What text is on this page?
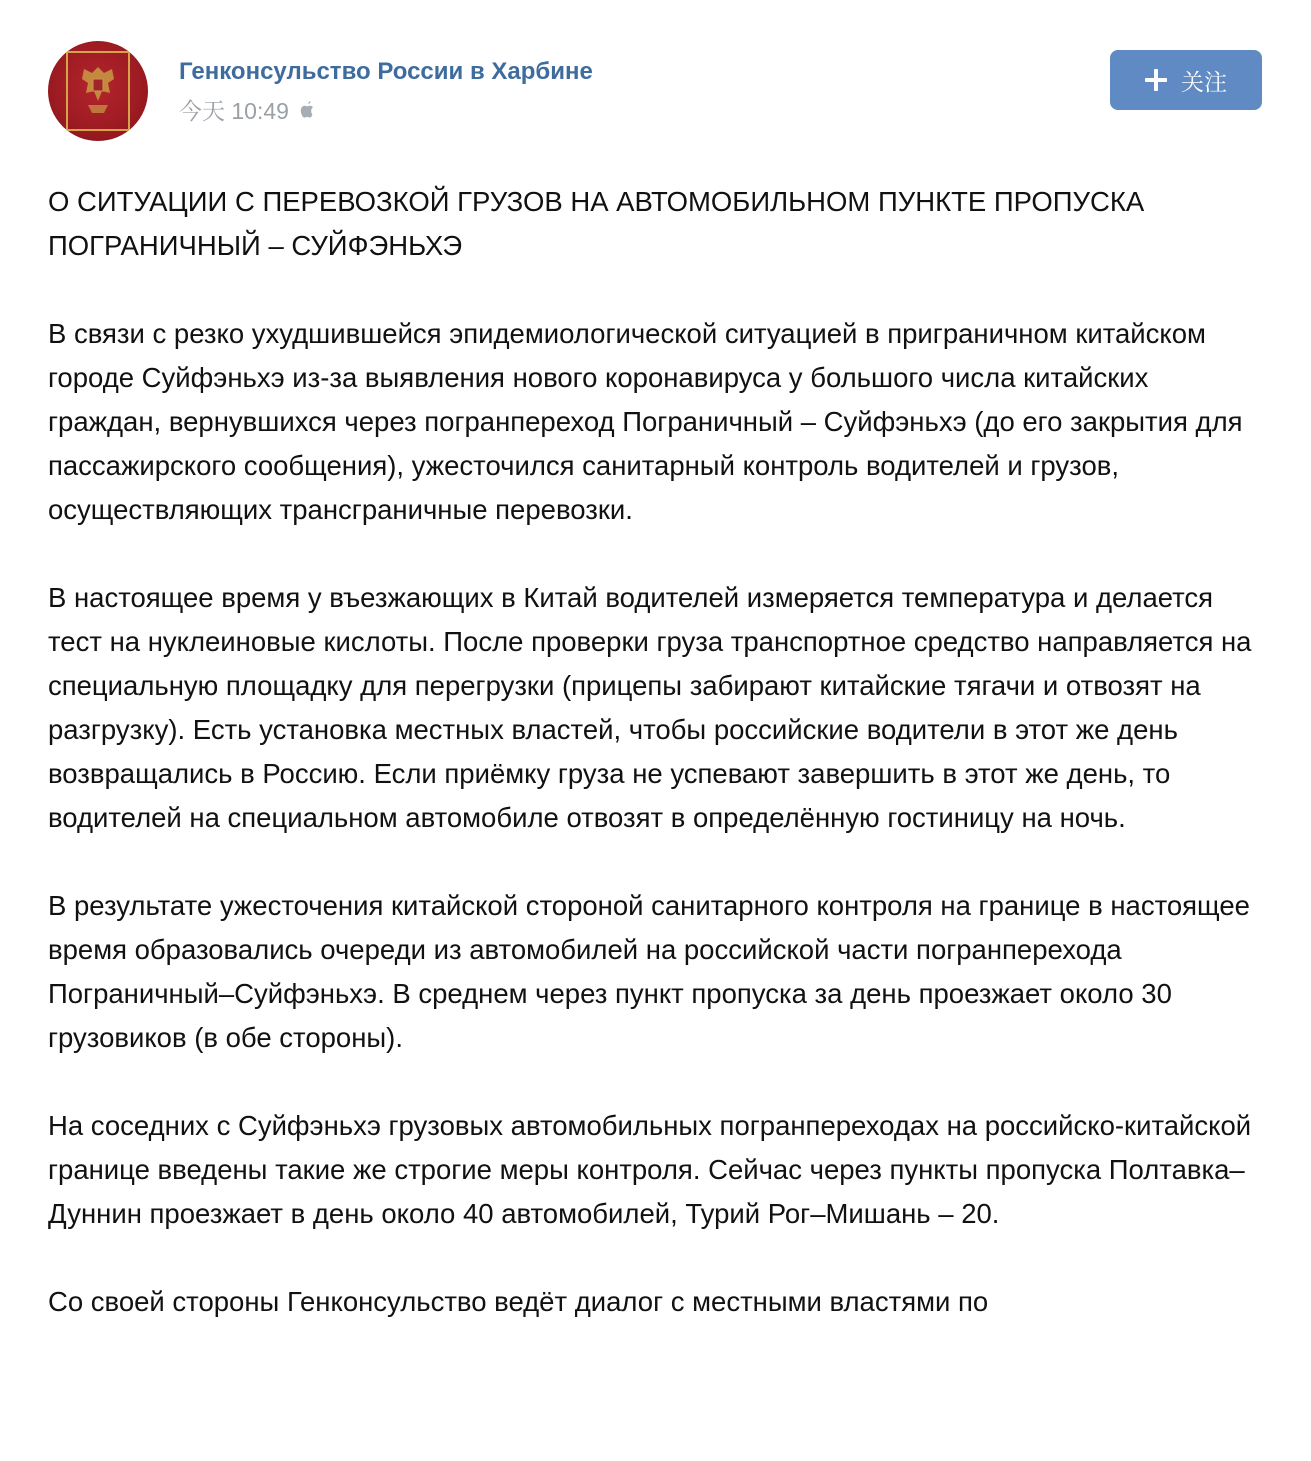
Генконсульство России в Харбине
今天 10:49
关注

О СИТУАЦИИ С ПЕРЕВОЗКОЙ ГРУЗОВ НА АВТОМОБИЛЬНОМ ПУНКТЕ ПРОПУСКА ПОГРАНИЧНЫЙ – СУЙФЭНЬХЭ

В связи с резко ухудшившейся эпидемиологической ситуацией в приграничном китайском городе Суйфэньхэ из-за выявления нового коронавируса у большого числа китайских граждан, вернувшихся через погранпереход Пограничный – Суйфэньхэ (до его закрытия для пассажирского сообщения), ужесточился санитарный контроль водителей и грузов, осуществляющих трансграничные перевозки.

В настоящее время у въезжающих в Китай водителей измеряется температура и делается тест на нуклеиновые кислоты. После проверки груза транспортное средство направляется на специальную площадку для перегрузки (прицепы забирают китайские тягачи и отвозят на разгрузку). Есть установка местных властей, чтобы российские водители в этот же день возвращались в Россию. Если приёмку груза не успевают завершить в этот же день, то водителей на специальном автомобиле отвозят в определённую гостиницу на ночь.

В результате ужесточения китайской стороной санитарного контроля на границе в настоящее время образовались очереди из автомобилей на российской части погранперехода Пограничный–Суйфэньхэ. В среднем через пункт пропуска за день проезжает около 30 грузовиков (в обе стороны).

На соседних с Суйфэньхэ грузовых автомобильных погранпереходах на российско-китайской границе введены такие же строгие меры контроля. Сейчас через пункты пропуска Полтавка–Дуннин проезжает в день около 40 автомобилей, Турий Рог–Мишань – 20.

Со своей стороны Генконсульство ведёт диалог с местными властями по
